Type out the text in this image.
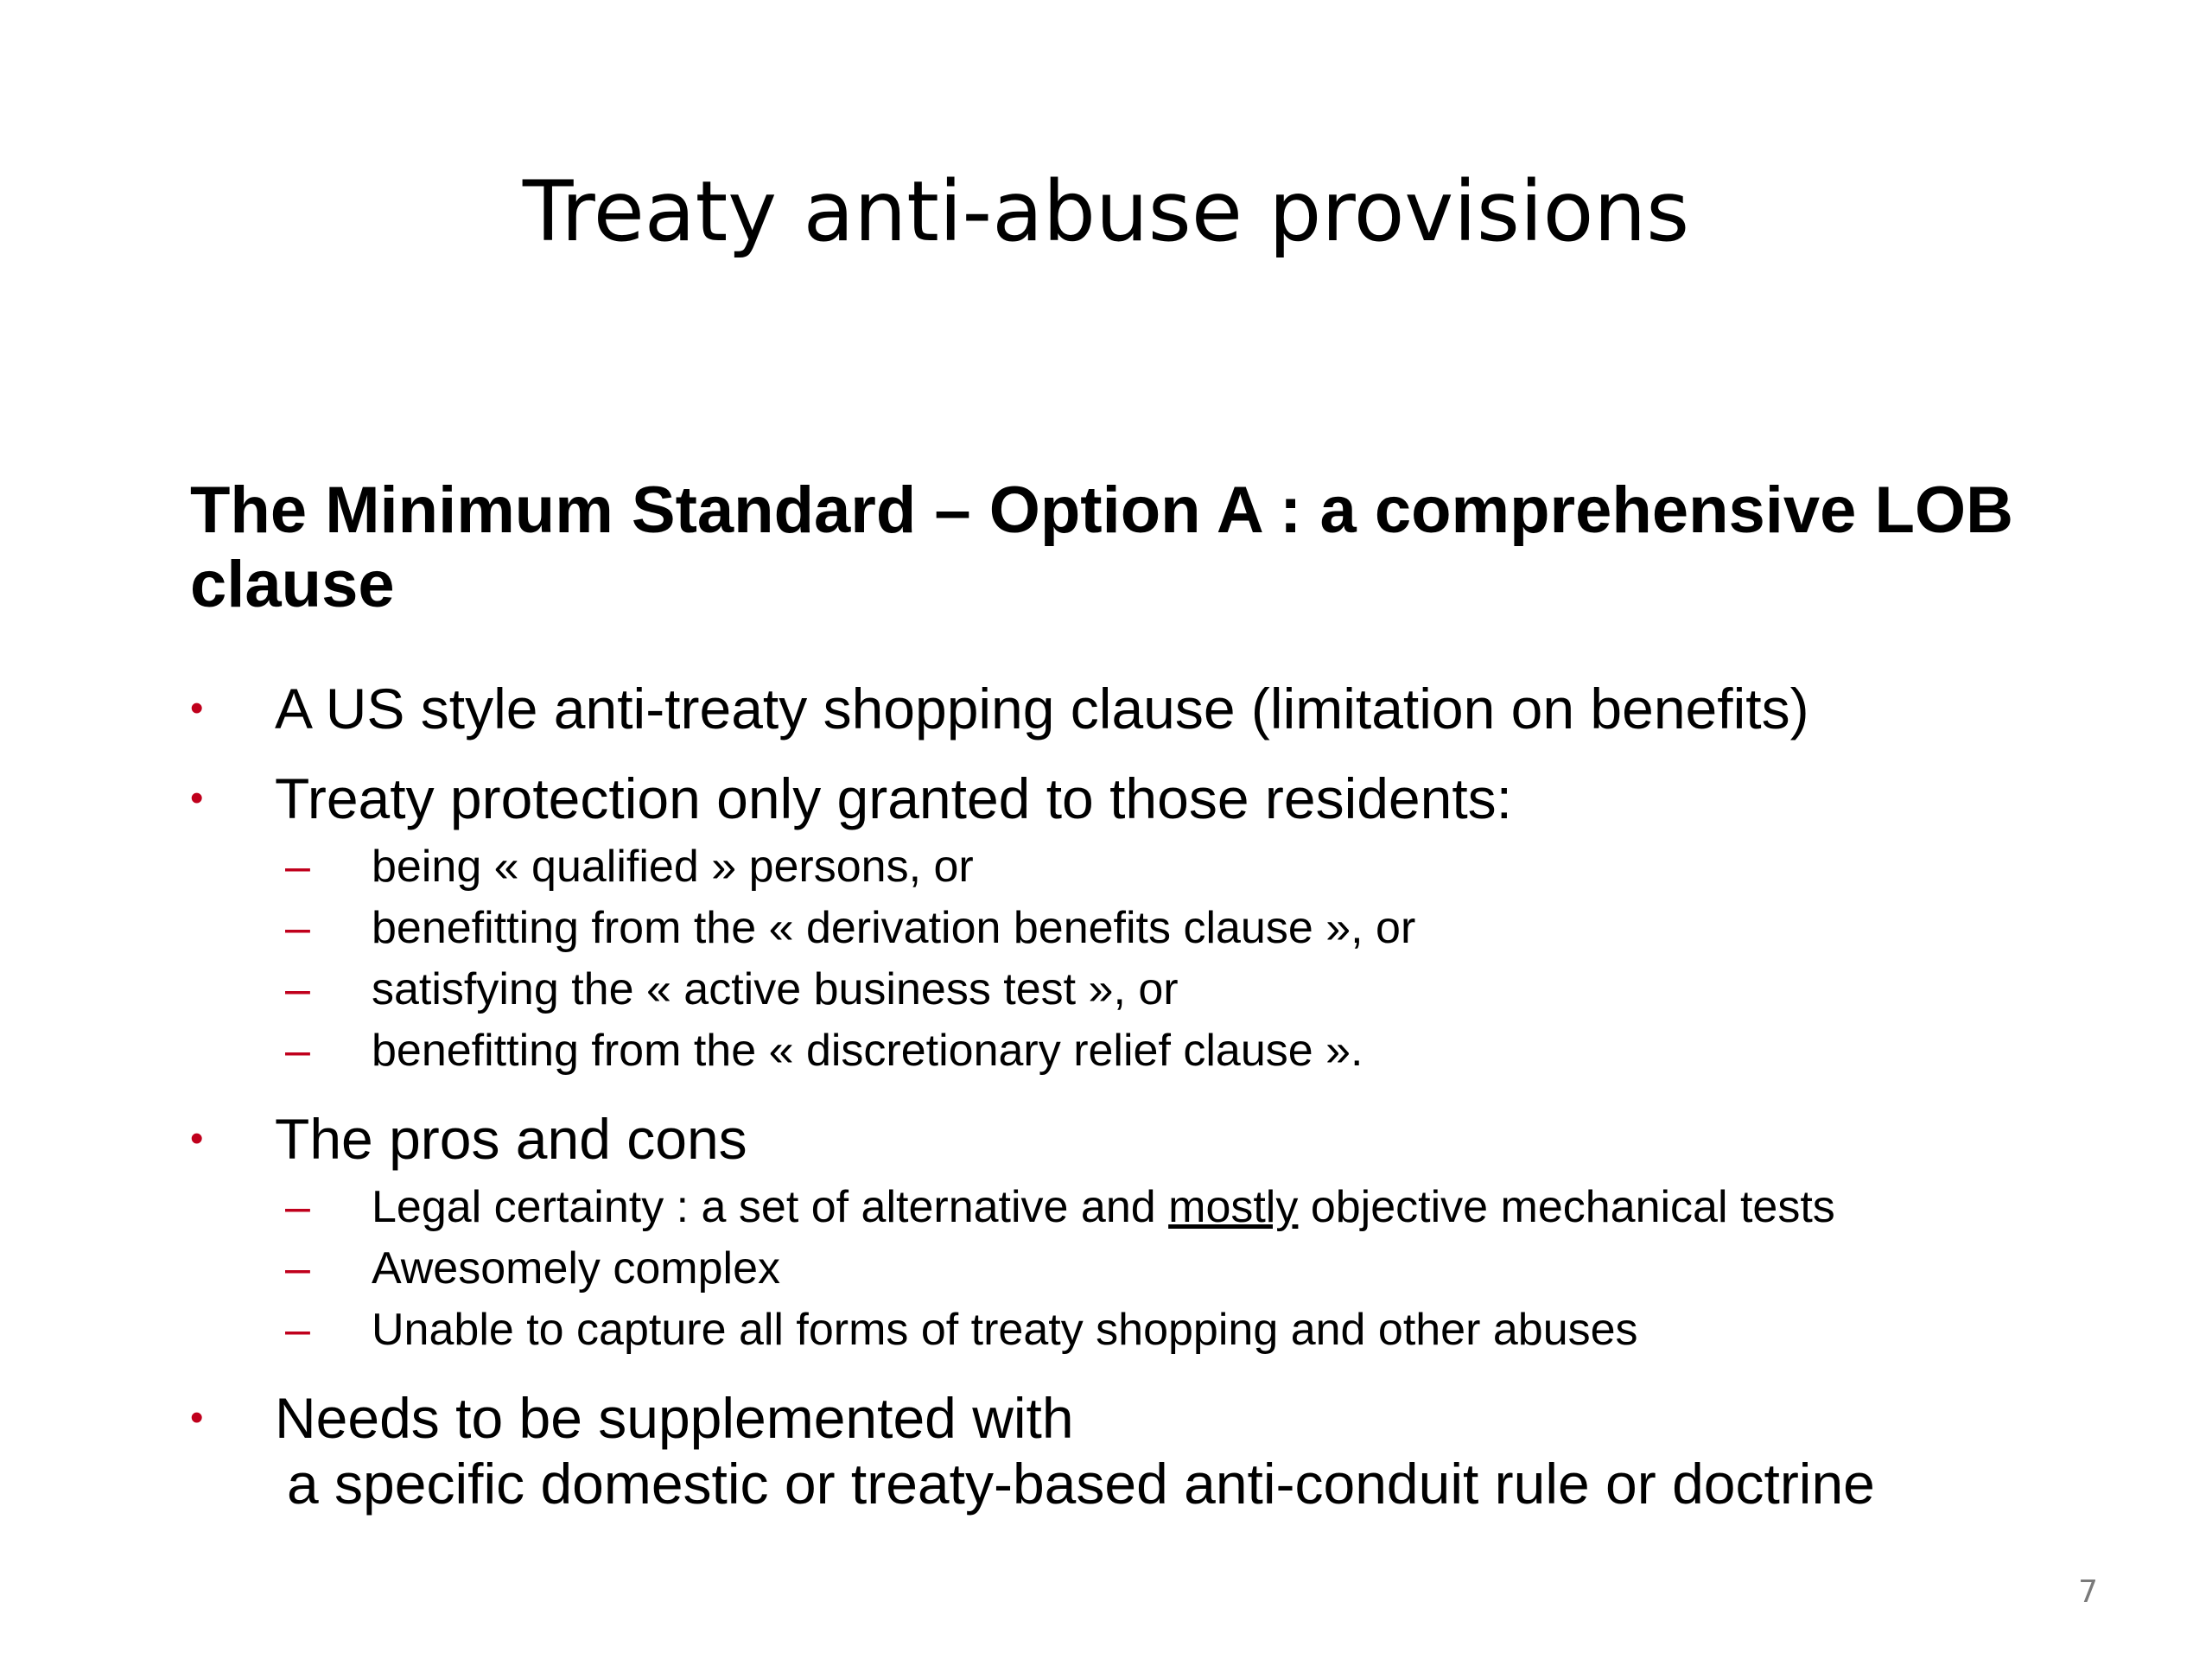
Treaty anti-abuse provisions
The Minimum Standard – Option A : a comprehensive LOB clause
•	A US style anti-treaty shopping clause (limitation on benefits)
•	Treaty protection only granted to those residents:
–	being « qualified » persons, or
–	benefitting from the « derivation benefits clause », or
–	satisfying the « active business test », or
–	benefitting from the « discretionary relief clause ».
•	The pros and cons
–	Legal certainty : a set of alternative and mostly objective mechanical tests
–	Awesomely complex
–	Unable to capture all forms of treaty shopping and other abuses
•	Needs to be supplemented with
a specific domestic or treaty-based anti-conduit rule or doctrine
7
